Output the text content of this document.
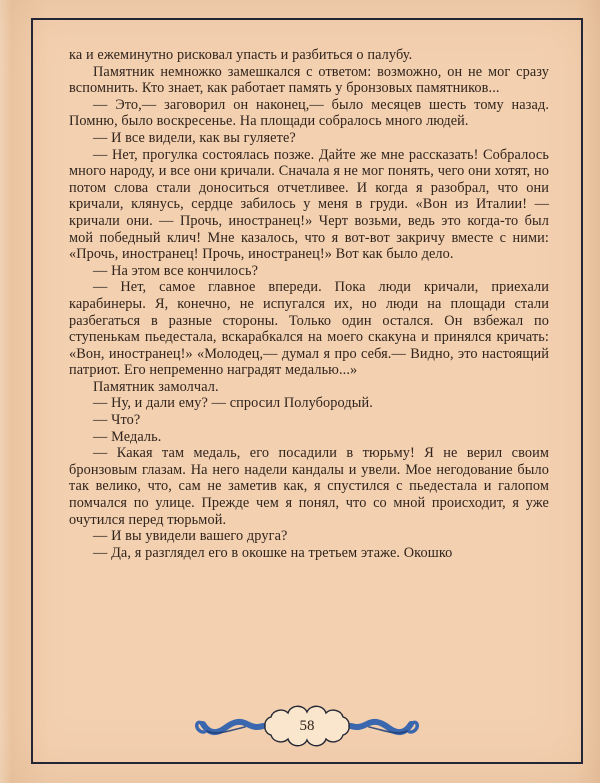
ка и ежеминутно рисковал упасть и разбиться о палубу.

Памятник немножко замешкался с ответом: возможно, он не мог сразу вспомнить. Кто знает, как работает память у бронзовых памятников...

— Это,— заговорил он наконец,— было месяцев шесть тому назад. Помню, было воскресенье. На площади собралось много людей.

— И все видели, как вы гуляете?

— Нет, прогулка состоялась позже. Дайте же мне рассказать! Собралось много народу, и все они кричали. Сначала я не мог понять, чего они хотят, но потом слова стали доноситься отчетливее. И когда я разобрал, что они кричали, клянусь, сердце забилось у меня в груди. «Вон из Италии! — кричали они. — Прочь, иностранец!» Черт возьми, ведь это когда-то был мой победный клич! Мне казалось, что я вот-вот закричу вместе с ними: «Прочь, иностранец! Прочь, иностранец!» Вот как было дело.

— На этом все кончилось?

— Нет, самое главное впереди. Пока люди кричали, приехали карабинеры. Я, конечно, не испугался их, но люди на площади стали разбегаться в разные стороны. Только один остался. Он взбежал по ступенькам пьедестала, вскарабкался на моего скакуна и принялся кричать: «Вон, иностранец!» «Молодец,— думал я про себя.— Видно, это настоящий патриот. Его непременно наградят медалью...»

Памятник замолчал.

— Ну, и дали ему? — спросил Полубородый.

— Что?

— Медаль.

— Какая там медаль, его посадили в тюрьму! Я не верил своим бронзовым глазам. На него надели кандалы и увели. Мое негодование было так велико, что, сам не заметив как, я спустился с пьедестала и галопом помчался по улице. Прежде чем я понял, что со мной происходит, я уже очутился перед тюрьмой.

— И вы увидели вашего друга?

— Да, я разглядел его в окошке на третьем этаже. Окошко

58
